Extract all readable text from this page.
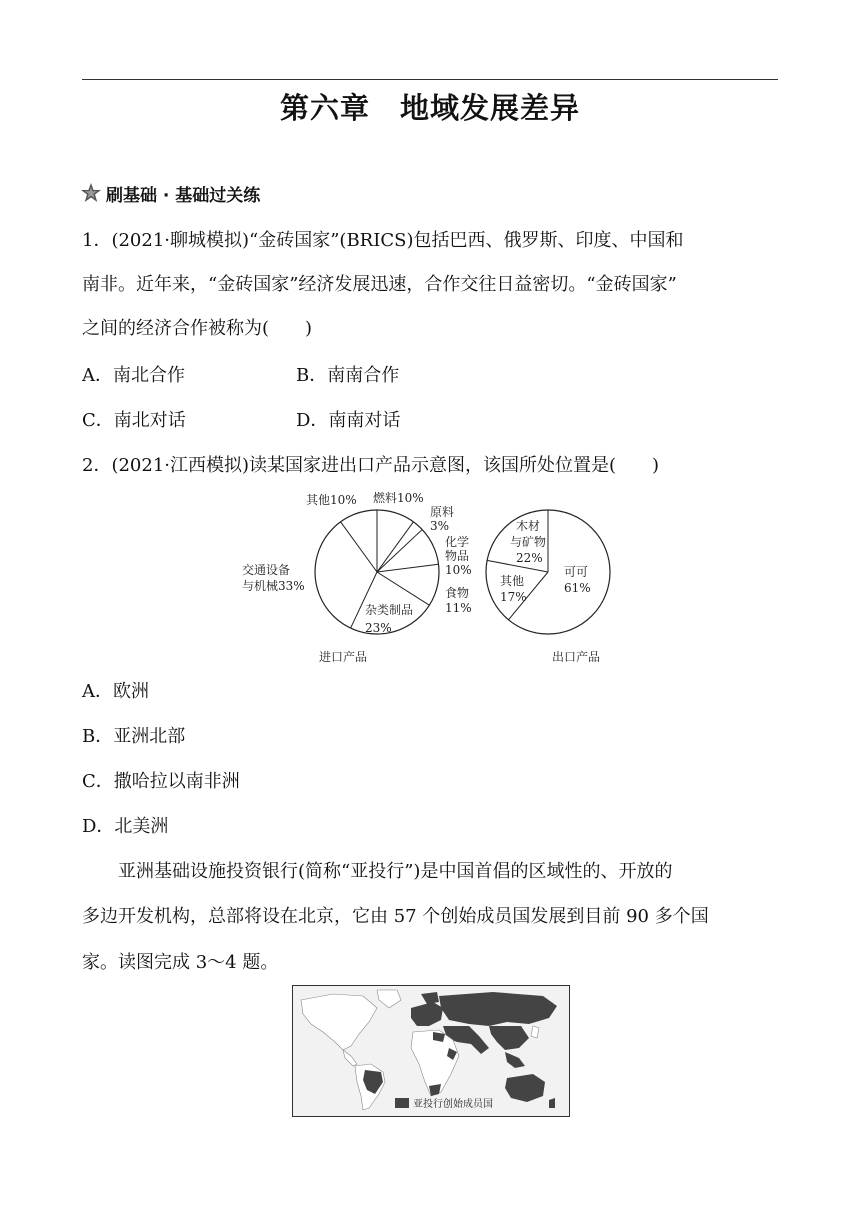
第六章　地域发展差异
刷基础 · 基础过关练
1．(2021·聊城模拟)“金砖国家”(BRICS)包括巴西、俄罗斯、印度、中国和
南非。近年来，“金砖国家”经济发展迅速，合作交往日益密切。“金砖国家”
之间的经济合作被称为(　　)
A．南北合作	B．南南合作
C．南北对话	D．南南对话
2．(2021·江西模拟)读某国家进出口产品示意图，该国所处位置是(　　)
其他10% 燃料10%
原料
3%
化学
物品
10%
食物
11%
杂类制品
23%
交通设备
与机械33%
木材
与矿物
22%
可可
61%
其他
17%
进口产品	出口产品
A．欧洲
B．亚洲北部
C．撒哈拉以南非洲
D．北美洲
亚洲基础设施投资银行(简称“亚投行”)是中国首倡的区域性的、开放的
多边开发机构，总部将设在北京，它由 57 个创始成员国发展到目前 90 多个国
家。读图完成 3～4 题。
亚投行创始成员国
